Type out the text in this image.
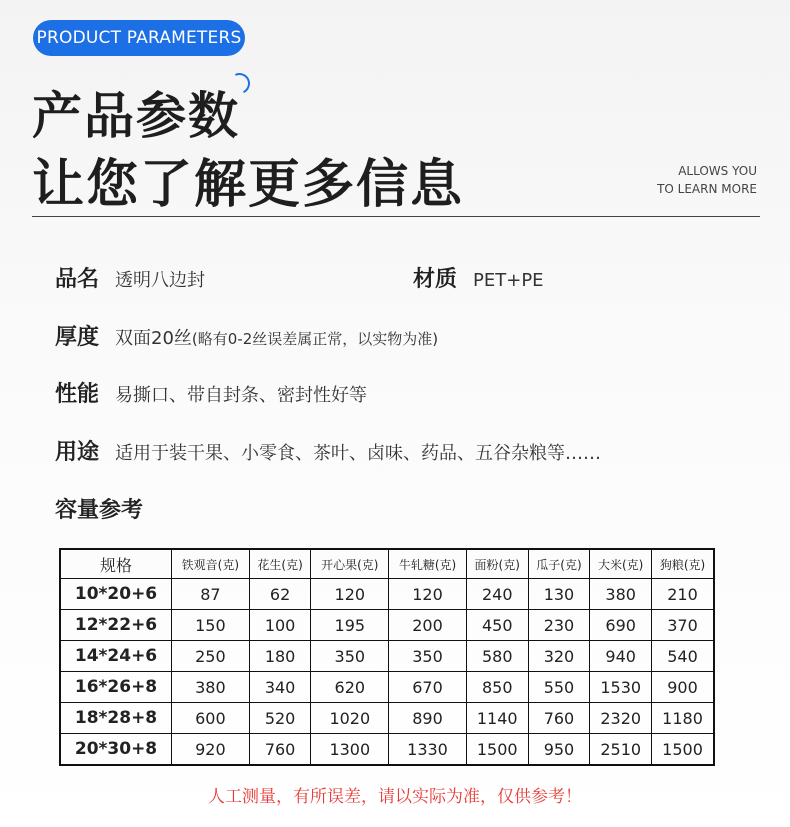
PRODUCT PARAMETERS
产品参数
让您了解更多信息	ALLOWS YOU
TO LEARN MORE
品名 透明八边封	材质 PET+PE
厚度 双面20丝(略有0-2丝误差属正常，以实物为准)
性能 易撕口、带自封条、密封性好等
用途 适用于装干果、小零食、茶叶、卤味、药品、五谷杂粮等……
容量参考
规格	铁观音(克)	花生(克)	开心果(克)	牛轧糖(克)	面粉(克)	瓜子(克)	大米(克)	狗粮(克)
10*20+6	87	62	120	120	240	130	380	210
12*22+6	150	100	195	200	450	230	690	370
14*24+6	250	180	350	350	580	320	940	540
16*26+8	380	340	620	670	850	550	1530	900
18*28+8	600	520	1020	890	1140	760	2320	1180
20*30+8	920	760	1300	1330	1500	950	2510	1500
人工测量，有所误差，请以实际为准，仅供参考！
